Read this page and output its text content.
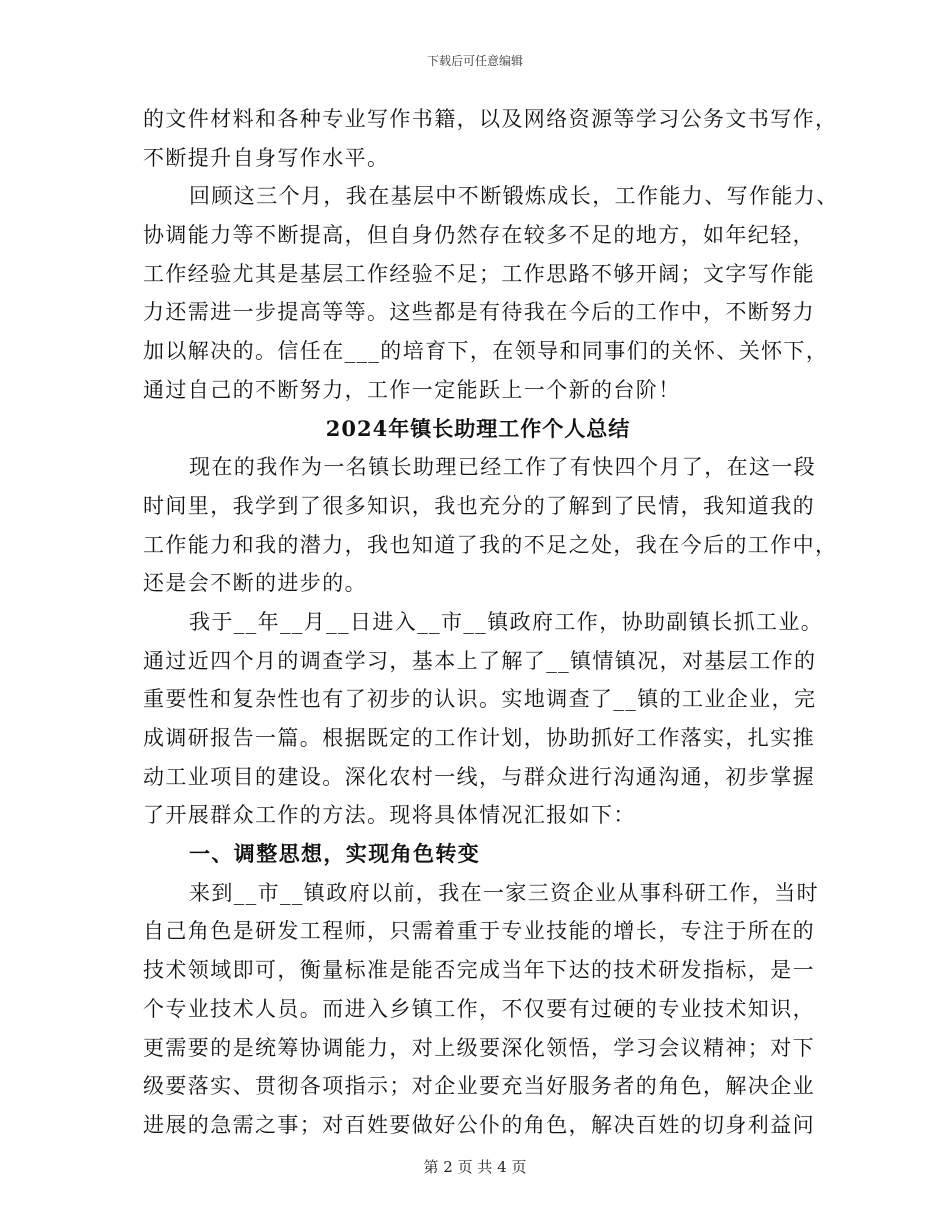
下载后可任意编辑
的文件材料和各种专业写作书籍，以及网络资源等学习公务文书写作，
不断提升自身写作水平。
回顾这三个月，我在基层中不断锻炼成长，工作能力、写作能力、
协调能力等不断提高，但自身仍然存在较多不足的地方，如年纪轻，
工作经验尤其是基层工作经验不足；工作思路不够开阔；文字写作能
力还需进一步提高等等。这些都是有待我在今后的工作中，不断努力
加以解决的。信任在___的培育下，在领导和同事们的关怀、关怀下，
通过自己的不断努力，工作一定能跃上一个新的台阶！
2024年镇长助理工作个人总结
现在的我作为一名镇长助理已经工作了有快四个月了，在这一段
时间里，我学到了很多知识，我也充分的了解到了民情，我知道我的
工作能力和我的潜力，我也知道了我的不足之处，我在今后的工作中，
还是会不断的进步的。
我于__年__月__日进入__市__镇政府工作，协助副镇长抓工业。
通过近四个月的调查学习，基本上了解了__镇情镇况，对基层工作的
重要性和复杂性也有了初步的认识。实地调查了__镇的工业企业，完
成调研报告一篇。根据既定的工作计划，协助抓好工作落实，扎实推
动工业项目的建设。深化农村一线，与群众进行沟通沟通，初步掌握
了开展群众工作的方法。现将具体情况汇报如下：
一、调整思想，实现角色转变
来到__市__镇政府以前，我在一家三资企业从事科研工作，当时
自己角色是研发工程师，只需着重于专业技能的增长，专注于所在的
技术领域即可，衡量标准是能否完成当年下达的技术研发指标，是一
个专业技术人员。而进入乡镇工作，不仅要有过硬的专业技术知识，
更需要的是统筹协调能力，对上级要深化领悟，学习会议精神；对下
级要落实、贯彻各项指示；对企业要充当好服务者的角色，解决企业
进展的急需之事；对百姓要做好公仆的角色，解决百姓的切身利益问
第 2 页 共 4 页
